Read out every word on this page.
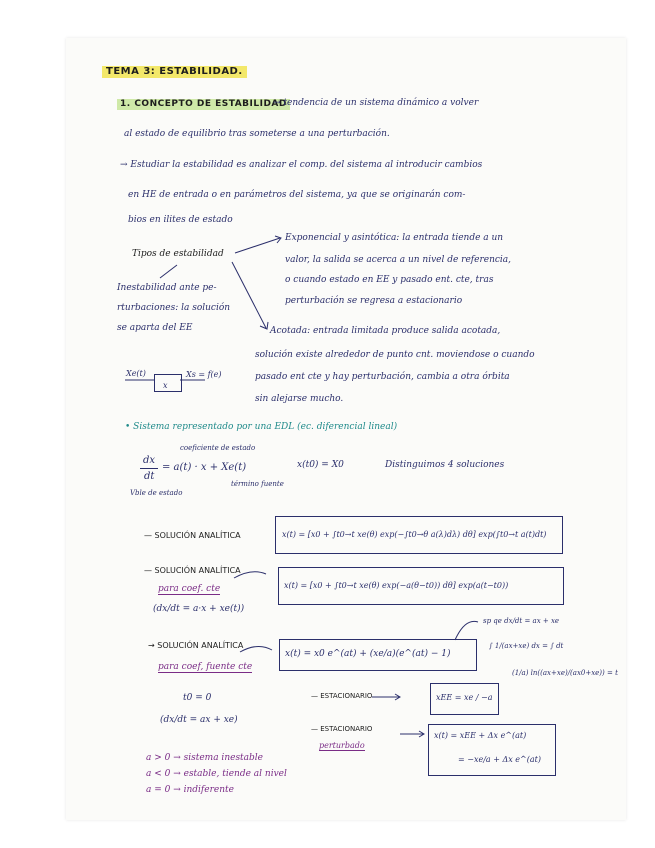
TEMA 3: ESTABILIDAD.
1. CONCEPTO DE ESTABILIDAD
→ tendencia de un sistema dinámico a volver
al estado de equilibrio tras someterse a una perturbación.
→ Estudiar la estabilidad es analizar el comp. del sistema al introducir cambios
en HE de entrada o en parámetros del sistema, ya que se originarán com-
bios en ilites de estado
Tipos de estabilidad
Inestabilidad ante pe-
rturbaciones: la solución
se aparta del EE
Exponencial y asintótica: la entrada tiende a un
valor, la salida se acerca a un nivel de referencia,
o cuando estado en EE y pasado ent. cte, tras
perturbación se regresa a estacionario
Acotada: entrada limitada produce salida acotada,
solución existe alrededor de punto cnt. moviendose o cuando
pasado ent cte y hay perturbación, cambia a otra órbita
sin alejarse mucho.
Xe(t)
x
Xs = f(e)
• Sistema representado por una EDL (ec. diferencial lineal)
coeficiente de estado
dx
dt
= a(t) · x + Xe(t)
término fuente
Vble de estado
x(t0) = X0	Distinguimos 4 soluciones
— SOLUCIÓN ANALÍTICA	x(t) = [x0 + ∫t0→t xe(θ) exp(−∫t0→θ a(λ)dλ) dθ] exp(∫t0→t a(t)dt)
— SOLUCIÓN ANALÍTICA
para coef. cte
(dx/dt = a·x + xe(t))
x(t) = [x0 + ∫t0→t xe(θ) exp(−a(θ−t0)) dθ] exp(a(t−t0))
→ SOLUCIÓN ANALÍTICA
para coef, fuente cte
x(t) = x0 e^(at) + (xe/a)(e^(at) − 1)
sp qe dx/dt = ax + xe
∫ 1/(ax+xe) dx = ∫ dt
(1/a) ln((ax+xe)/(ax0+xe)) = t
t0 = 0
(dx/dt = ax + xe)
— ESTACIONARIO	xEE = xe / −a
— ESTACIONARIO
perturbado
x(t) = xEE + Δx e^(at)
= −xe/a + Δx e^(at)
a > 0 → sistema inestable
a < 0 → estable, tiende al nivel
a = 0 → indiferente
